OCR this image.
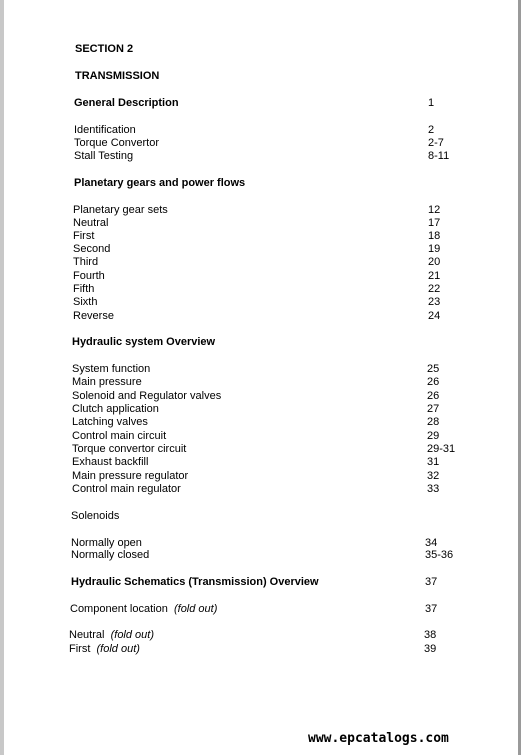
SECTION 2
TRANSMISSION
General Description	1
Identification	2
Torque Convertor	2-7
Stall Testing	8-11
Planetary gears and power flows
Planetary gear sets	12
Neutral	17
First	18
Second	19
Third	20
Fourth	21
Fifth	22
Sixth	23
Reverse	24
Hydraulic system Overview
System function	25
Main pressure	26
Solenoid and Regulator valves	26
Clutch application	27
Latching valves	28
Control main circuit	29
Torque convertor circuit	29-31
Exhaust backfill	31
Main pressure regulator	32
Control main regulator	33
Solenoids
Normally open	34
Normally closed	35-36
Hydraulic Schematics (Transmission) Overview	37
Component location (fold out)	37
Neutral (fold out)	38
First (fold out)	39
www.epcatalogs.com
